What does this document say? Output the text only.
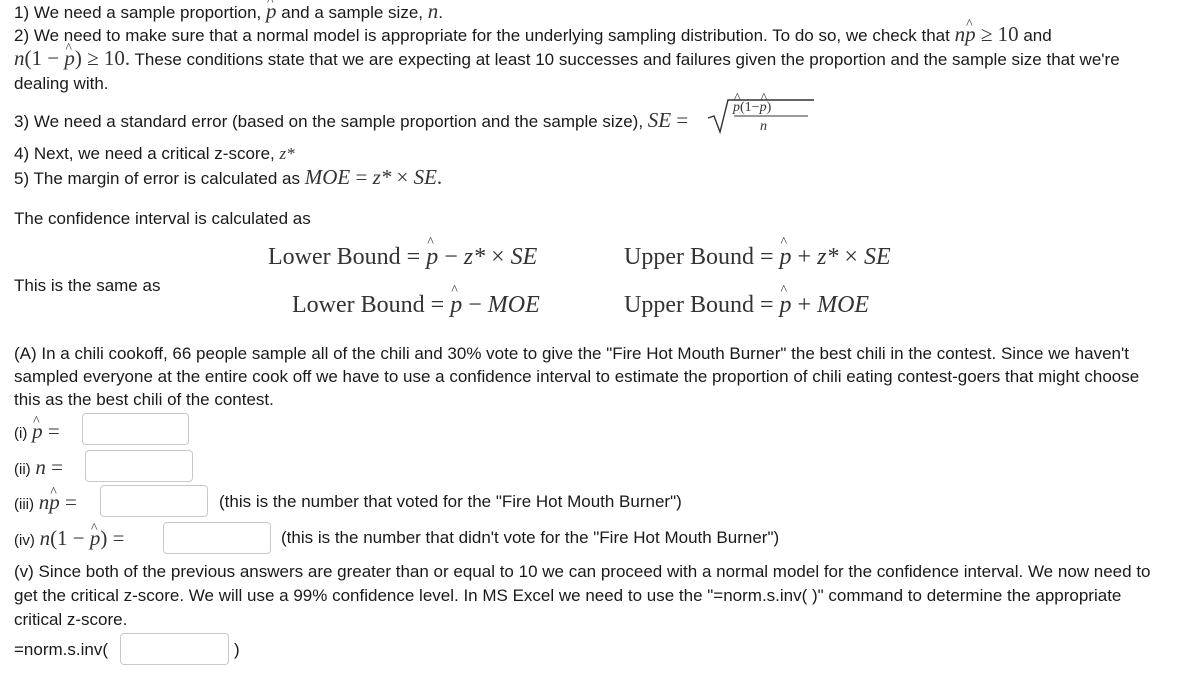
1) We need a sample proportion, ^ p and a sample size, n.
2) We need to make sure that a normal model is appropriate for the underlying sampling distribution. To do so, we check that n^ p ≥ 10 and
n(1 − ^ p) ≥ 10. These conditions state that we are expecting at least 10 successes and failures given the proportion and the sample size that we're
dealing with.
3) We need a standard error (based on the sample proportion and the sample size), SE =
^ p(1−^ p)
n
4) Next, we need a critical z-score, z*
5) The margin of error is calculated as MOE = z* × SE.
The confidence interval is calculated as
Lower Bound = ^ p − z* × SE	Upper Bound = ^ p + z* × SE
This is the same as
Lower Bound = ^ p − MOE	Upper Bound = ^ p + MOE
(A) In a chili cookoff, 66 people sample all of the chili and 30% vote to give the "Fire Hot Mouth Burner" the best chili in the contest. Since we haven't
sampled everyone at the entire cook off we have to use a confidence interval to estimate the proportion of chili eating contest-goers that might choose
this as the best chili of the contest.
(i) ^ p =
(ii) n =
(iii) n^ p =	(this is the number that voted for the "Fire Hot Mouth Burner")
(iv) n(1 − ^ p) =	(this is the number that didn't vote for the "Fire Hot Mouth Burner")
(v) Since both of the previous answers are greater than or equal to 10 we can proceed with a normal model for the confidence interval. We now need to
get the critical z-score. We will use a 99% confidence level. In MS Excel we need to use the "=norm.s.inv( )" command to determine the appropriate
critical z-score.
=norm.s.inv(	)
